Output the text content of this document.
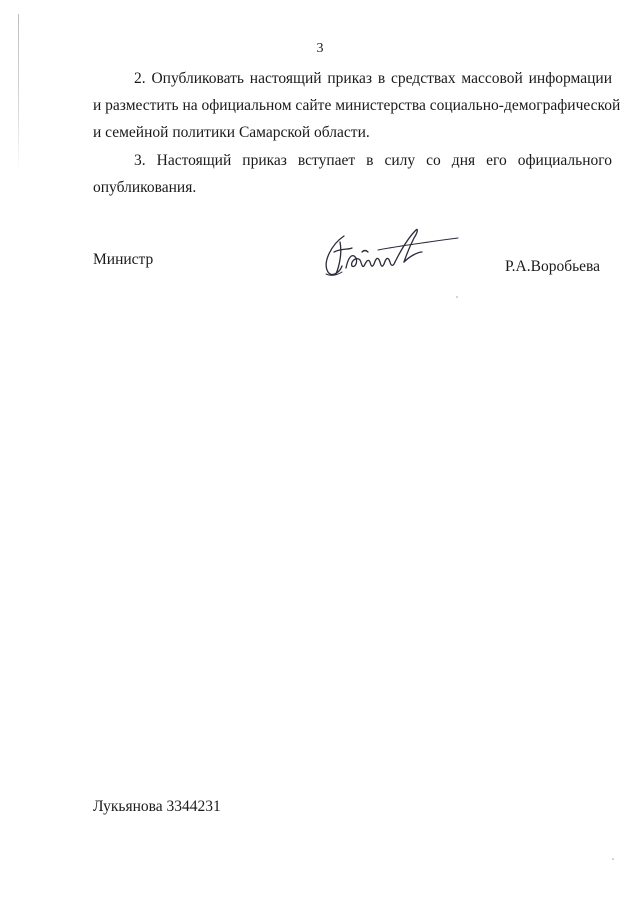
3
2. Опубликовать настоящий приказ в средствах массовой информации
и разместить на официальном сайте министерства социально-демографической
и семейной политики Самарской области.
3. Настоящий приказ вступает в силу со дня его официального
опубликования.
Министр	Р.А.Воробьева
Лукьянова 3344231
